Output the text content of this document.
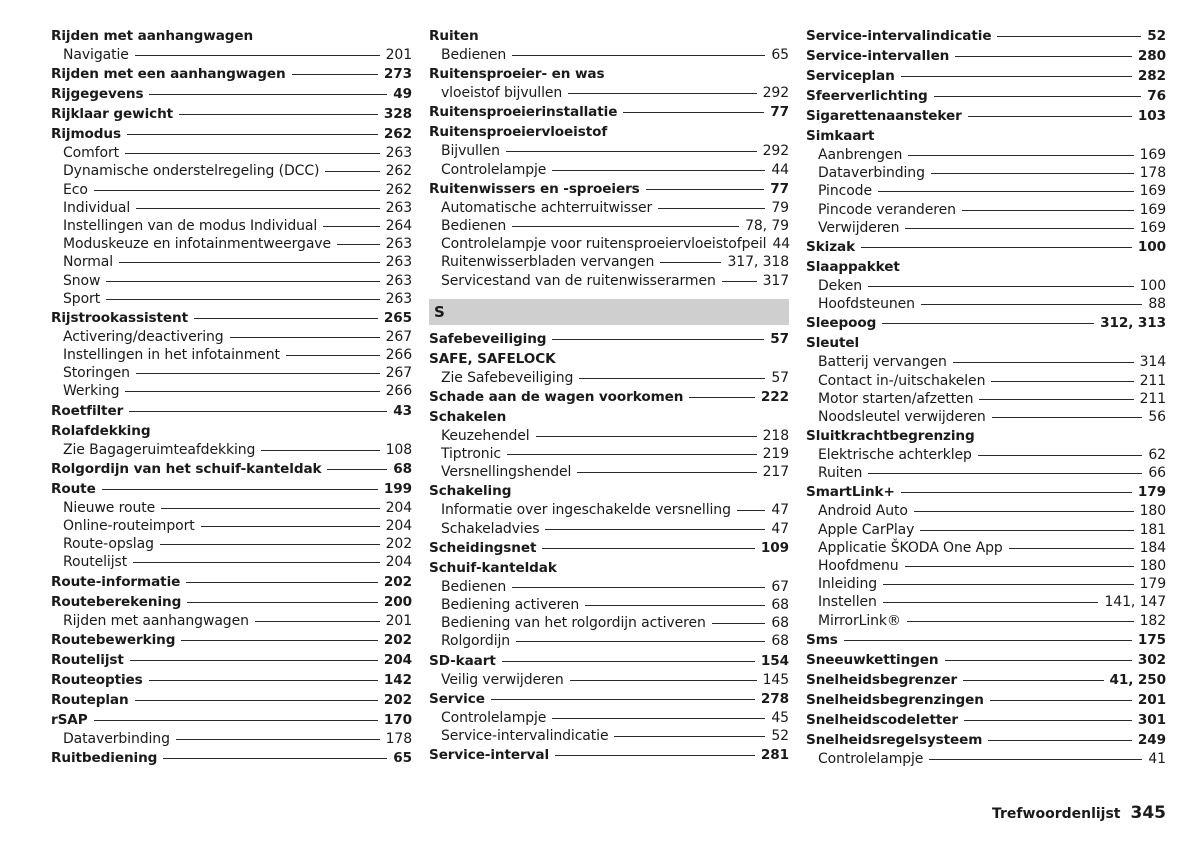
Rijden met aanhangwagen
Navigatie	201
Rijden met een aanhangwagen	273
Rijgegevens	49
Rijklaar gewicht	328
Rijmodus	262
Comfort	263
Dynamische onderstelregeling (DCC)	262
Eco	262
Individual	263
Instellingen van de modus Individual	264
Moduskeuze en infotainmentweergave	263
Normal	263
Snow	263
Sport	263
Rijstrookassistent	265
Activering/deactivering	267
Instellingen in het infotainment	266
Storingen	267
Werking	266
Roetfilter	43
Rolafdekking
Zie Bagageruimteafdekking	108
Rolgordijn van het schuif-kanteldak	68
Route	199
Nieuwe route	204
Online-routeimport	204
Route-opslag	202
Routelijst	204
Route-informatie	202
Routeberekening	200
Rijden met aanhangwagen	201
Routebewerking	202
Routelijst	204
Routeopties	142
Routeplan	202
rSAP	170
Dataverbinding	178
Ruitbediening	65
Ruiten
Bedienen	65
Ruitensproeier- en was
vloeistof bijvullen	292
Ruitensproeierinstallatie	77
Ruitensproeiervloeistof
Bijvullen	292
Controlelampje	44
Ruitenwissers en -sproeiers	77
Automatische achterruitwisser	79
Bedienen	78, 79
Controlelampje voor ruitensproeiervloeistofpeil 44
Ruitenwisserbladen vervangen	317, 318
Servicestand van de ruitenwisserarmen	317
S
Safebeveiliging	57
SAFE, SAFELOCK
Zie Safebeveiliging	57
Schade aan de wagen voorkomen	222
Schakelen
Keuzehendel	218
Tiptronic	219
Versnellingshendel	217
Schakeling
Informatie over ingeschakelde versnelling	47
Schakeladvies	47
Scheidingsnet	109
Schuif-kanteldak
Bedienen	67
Bediening activeren	68
Bediening van het rolgordijn activeren	68
Rolgordijn	68
SD-kaart	154
Veilig verwijderen	145
Service	278
Controlelampje	45
Service-intervalindicatie	52
Service-interval	281
Service-intervalindicatie	52
Service-intervallen	280
Serviceplan	282
Sfeerverlichting	76
Sigarettenaansteker	103
Simkaart
Aanbrengen	169
Dataverbinding	178
Pincode	169
Pincode veranderen	169
Verwijderen	169
Skizak	100
Slaappakket
Deken	100
Hoofdsteunen	88
Sleepoog	312, 313
Sleutel
Batterij vervangen	314
Contact in-/uitschakelen	211
Motor starten/afzetten	211
Noodsleutel verwijderen	56
Sluitkrachtbegrenzing
Elektrische achterklep	62
Ruiten	66
SmartLink+	179
Android Auto	180
Apple CarPlay	181
Applicatie ŠKODA One App	184
Hoofdmenu	180
Inleiding	179
Instellen	141, 147
MirrorLink®	182
Sms	175
Sneeuwkettingen	302
Snelheidsbegrenzer	41, 250
Snelheidsbegrenzingen	201
Snelheidscodeletter	301
Snelheidsregelsysteem	249
Controlelampje	41
Trefwoordenlijst 345
